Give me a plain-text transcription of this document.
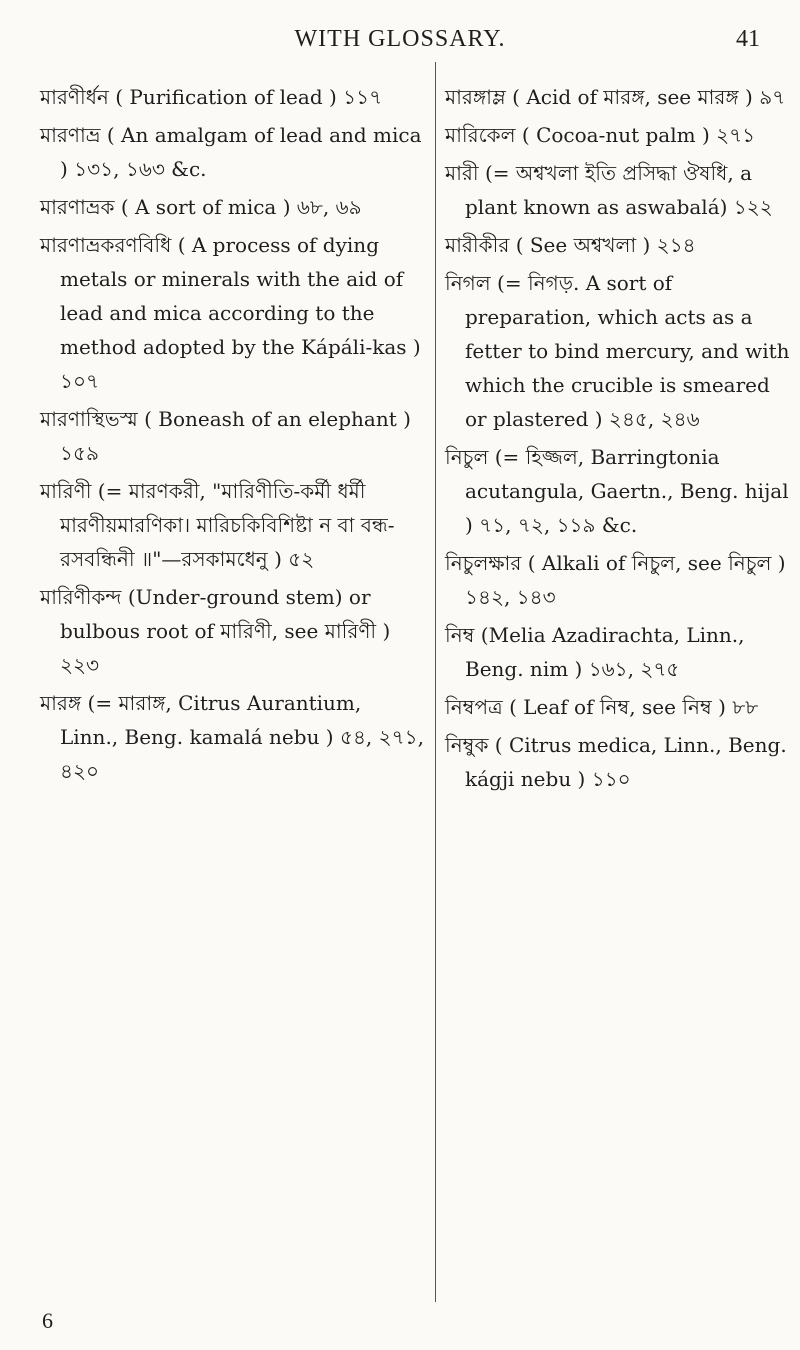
WITH GLOSSARY.	41
মারণীর্ধন ( Purification of lead ) ১১৭
মারণাভ্র ( An amalgam of lead and mica ) ১৩১, ১৬৩ &c.
মারণাভ্রক ( A sort of mica ) ৬৮, ৬৯
মারণাভ্রকরণবিধি ( A process of dying metals or minerals with the aid of lead and mica according to the method adopted by the Kápáli-kas ) ১০৭
মারণাস্থিভস্ম ( Boneash of an elephant ) ১৫৯
মারিণী (= মারণকরী, "মারিণীতি-কর্মী ধর্মী মারণীয়মারণিকা। মারিচকিবিশিষ্টা ন বা বন্ধ-রসবন্ধিনী ॥"—রসকামধেনু ) ৫২
মারিণীকন্দ (Under-ground stem) or bulbous root of মারিণী, see মারিণী ) ২২৩
মারঙ্গ (= মারাঙ্গ, Citrus Aurantium, Linn., Beng. kamalá nebu ) ৫৪, ২৭১, ৪২০
মারঙ্গাম্ল ( Acid of মারঙ্গ, see মারঙ্গ ) ৯৭
মারিকেল ( Cocoa-nut palm ) ২৭১
মারী (= অশ্বখলা ইতি প্রসিদ্ধা ঔষধি, a plant known as aswabalá) ১২২
মারীকীর ( See অশ্বখলা ) ২১৪
নিগল (= নিগড়. A sort of preparation, which acts as a fetter to bind mercury, and with which the crucible is smeared or plastered ) ২৪৫, ২৪৬
নিচুল (= হিজ্জল, Barringtonia acutangula, Gaertn., Beng. hijal ) ৭১, ৭২, ১১৯ &c.
নিচুলক্ষার ( Alkali of নিচুল, see নিচুল ) ১৪২, ১৪৩
নিম্ব (Melia Azadirachta, Linn., Beng. nim ) ১৬১, ২৭৫
নিম্বপত্র ( Leaf of নিম্ব, see নিম্ব ) ৮৮
নিম্বুক ( Citrus medica, Linn., Beng. kágji nebu ) ১১০
6
